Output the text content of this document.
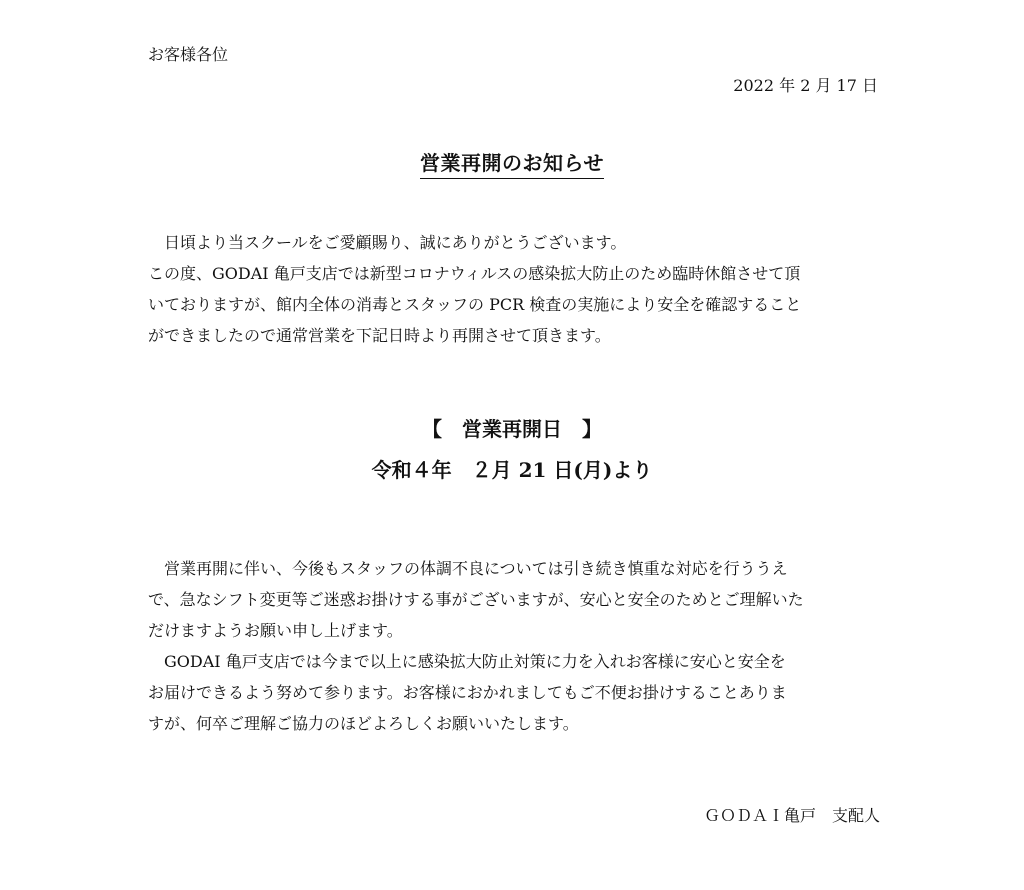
お客様各位
2022 年 2 月 17 日
営業再開のお知らせ
　日頃より当スクールをご愛顧賜り、誠にありがとうございます。
この度、GODAI 亀戸支店では新型コロナウィルスの感染拡大防止のため臨時休館させて頂
いておりますが、館内全体の消毒とスタッフの PCR 検査の実施により安全を確認すること
ができましたので通常営業を下記日時より再開させて頂きます。
【　営業再開日　】
令和４年　２月 21 日(月)より
　営業再開に伴い、今後もスタッフの体調不良については引き続き慎重な対応を行ううえ
で、急なシフト変更等ご迷惑お掛けする事がございますが、安心と安全のためとご理解いた
だけますようお願い申し上げます。
　GODAI 亀戸支店では今まで以上に感染拡大防止対策に力を入れお客様に安心と安全を
お届けできるよう努めて参ります。お客様におかれましてもご不便お掛けすることありま
すが、何卒ご理解ご協力のほどよろしくお願いいたします。
ＧＯＤＡＩ亀戸　支配人
